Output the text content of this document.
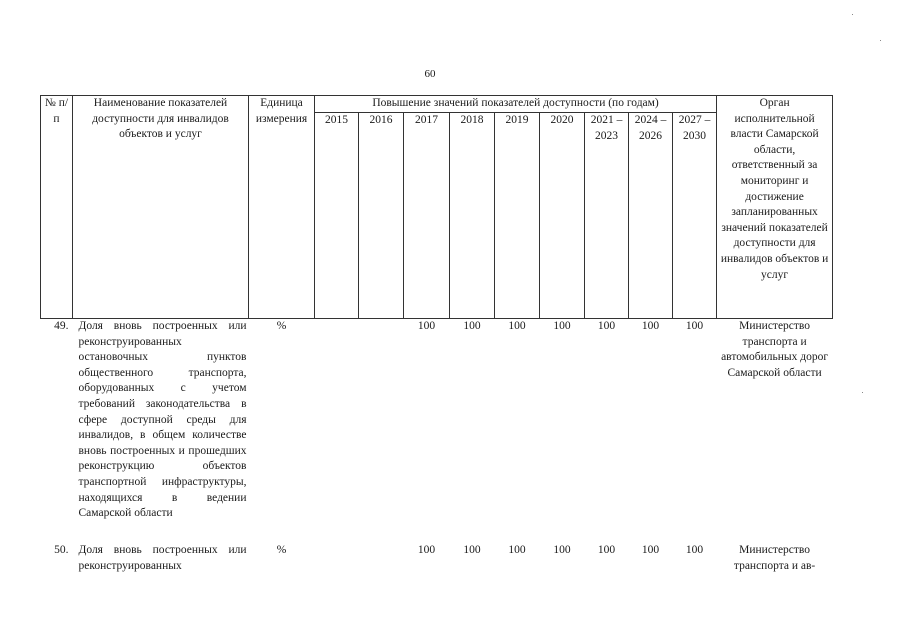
60
№ п/п	Наименование показателей доступности для инвалидов объектов и услуг	Единица измерения	Повышение значений показателей доступности (по годам)									Орган исполнительной власти Самарской области, ответственный за мониторинг и достижение запланированных значений показателей доступности для инвалидов объектов и услуг
			2015	2016	2017	2018	2019	2020	2021 – 2023	2024 – 2026	2027 – 2030	
49.	Доля вновь построенных или реконструированных остановочных пунктов общественного транспорта, оборудованных с учетом требований законодательства в сфере доступной среды для инвалидов, в общем количестве вновь построенных и прошедших реконструкцию объектов транспортной инфраструктуры, находящихся в ведении Самарской области	%			100	100	100	100	100	100	100	Министерство транспорта и автомобильных дорог Самарской области
50.	Доля вновь построенных или реконструированных	%			100	100	100	100	100	100	100	Министерство транспорта и ав-
